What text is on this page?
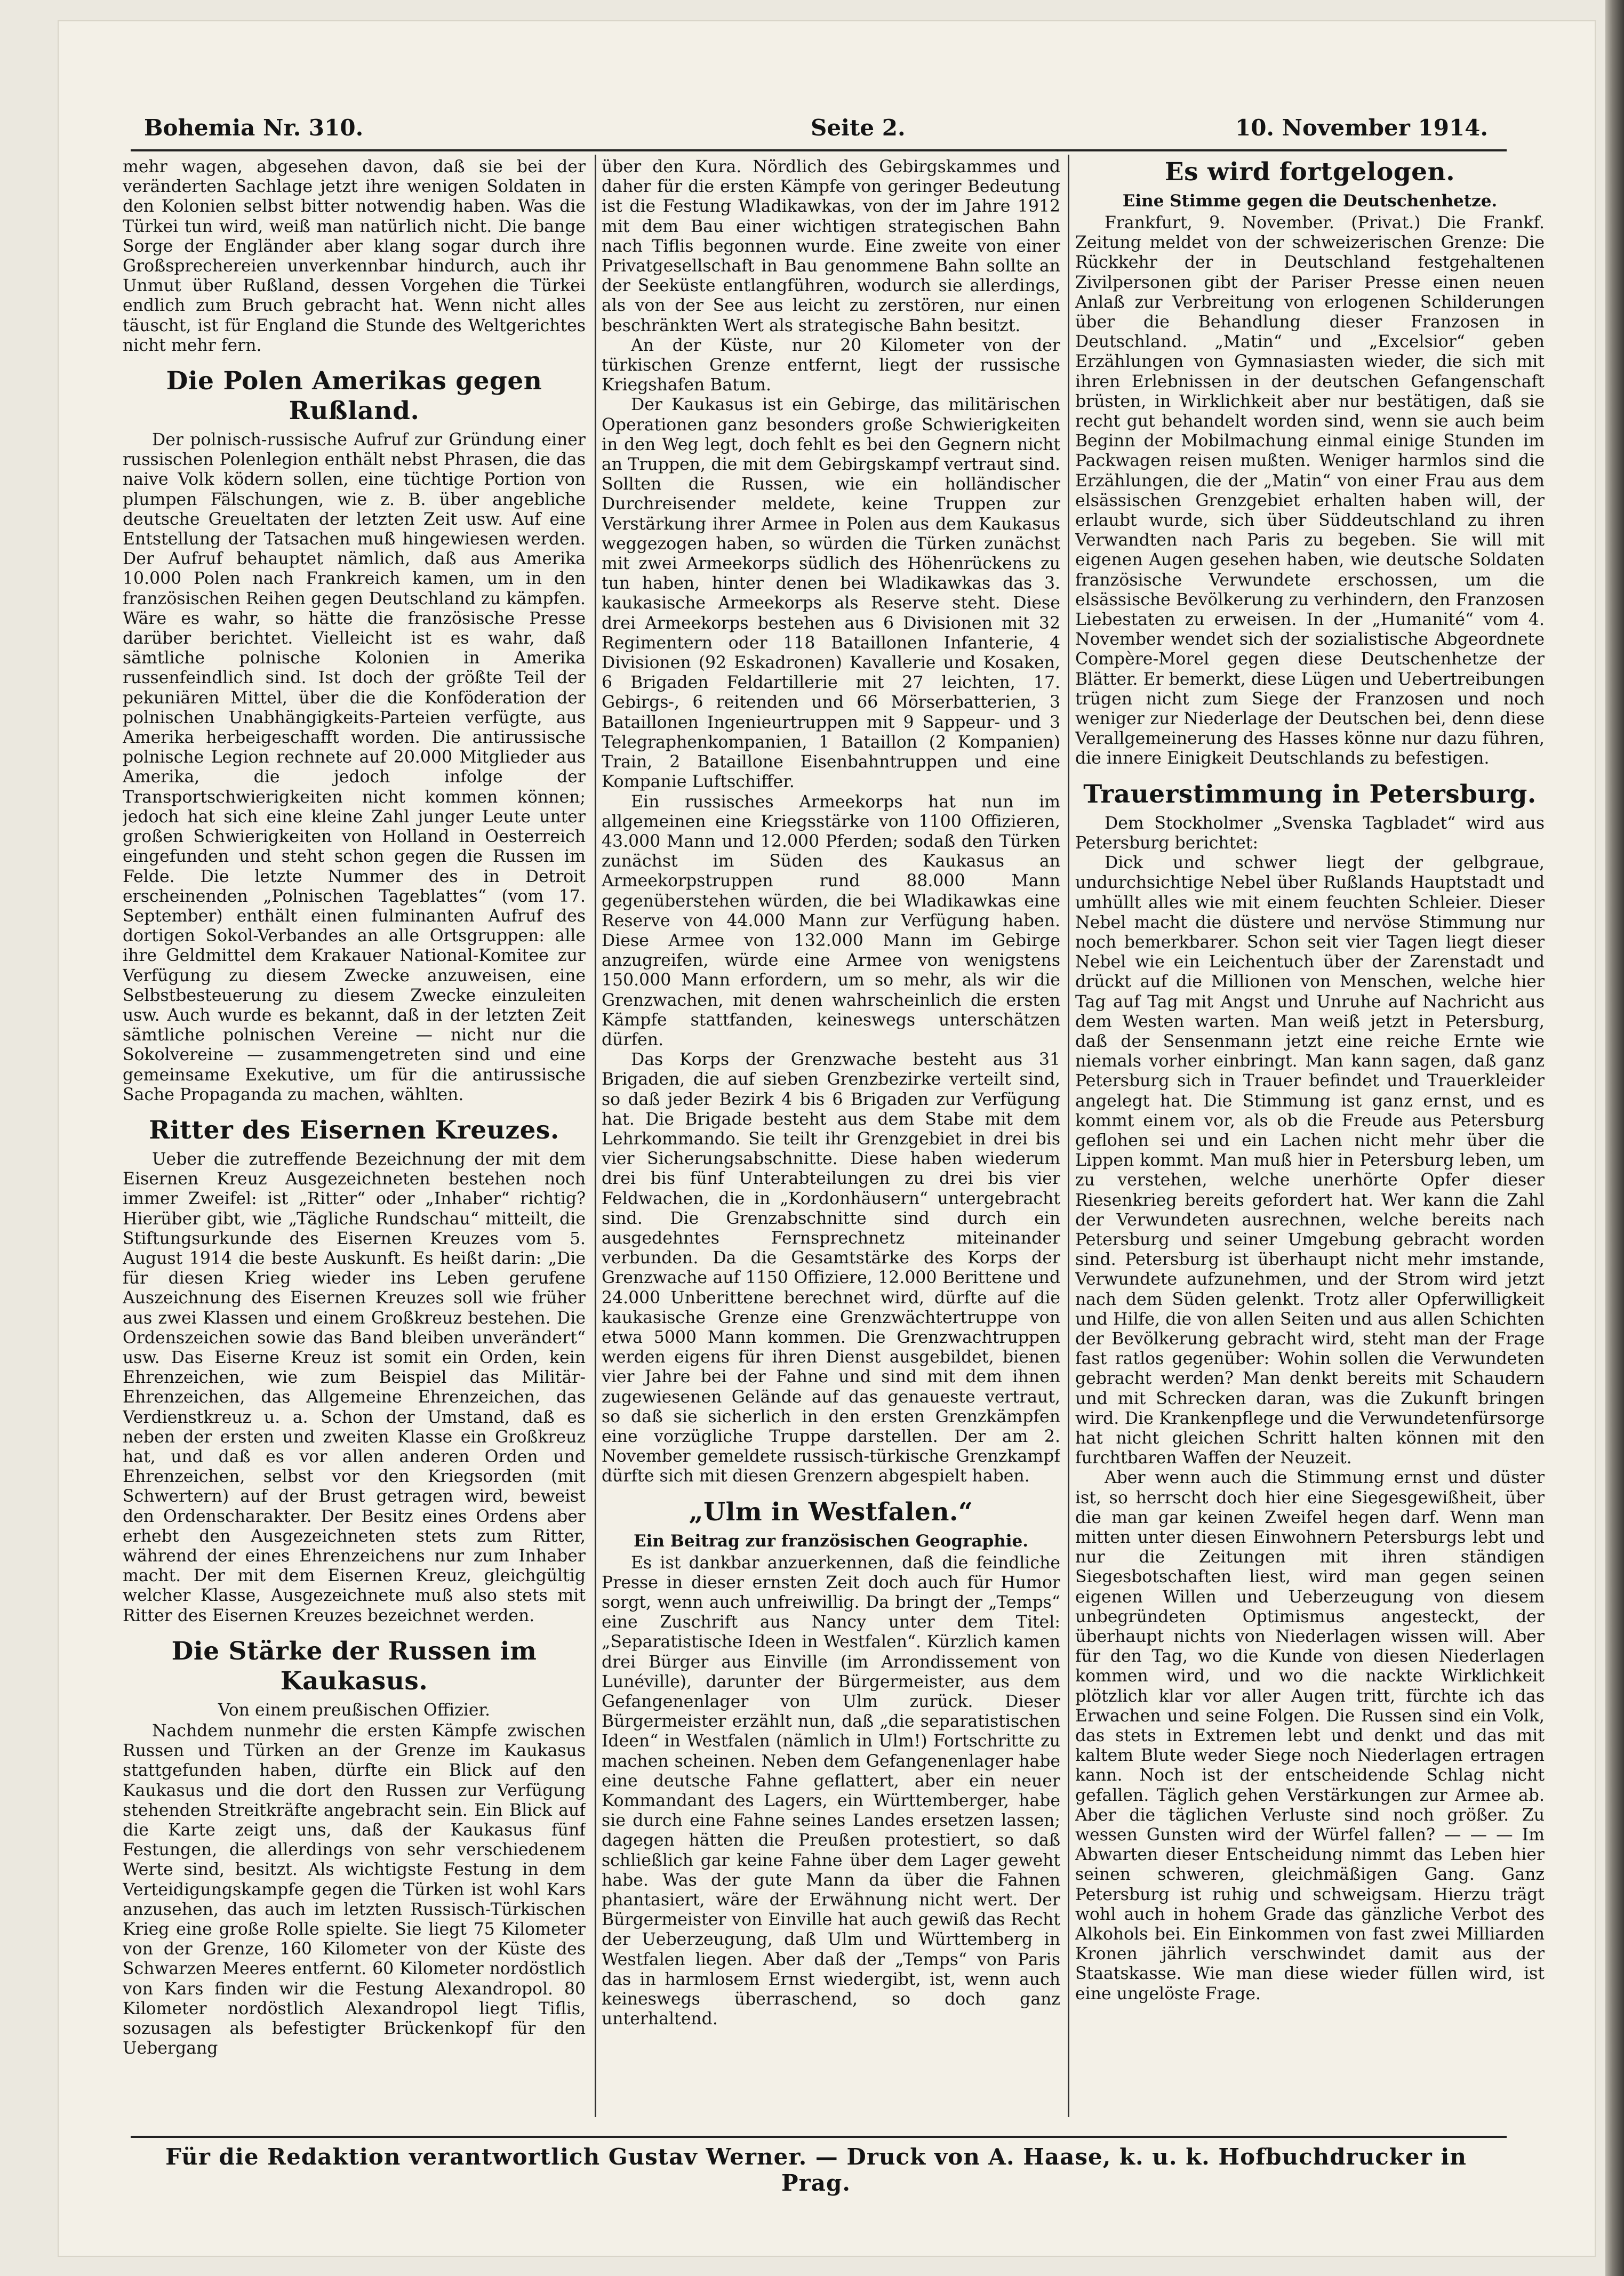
Bohemia Nr. 310.	Seite 2.	10. November 1914.

mehr wagen, abgesehen davon, daß sie bei der veränderten Sachlage jetzt ihre wenigen Soldaten in den Kolonien selbst bitter notwendig haben. Was die Türkei tun wird, weiß man natürlich nicht. Die bange Sorge der Engländer aber klang sogar durch ihre Großsprechereien unverkennbar hindurch, auch ihr Unmut über Rußland, dessen Vorgehen die Türkei endlich zum Bruch gebracht hat. Wenn nicht alles täuscht, ist für England die Stunde des Weltgerichtes nicht mehr fern.

Die Polen Amerikas gegen Rußland.

Der polnisch-russische Aufruf zur Gründung einer russischen Polenlegion enthält nebst Phrasen, die das naive Volk ködern sollen, eine tüchtige Portion von plumpen Fälschungen, wie z. B. über angebliche deutsche Greueltaten der letzten Zeit usw. Auf eine Entstellung der Tatsachen muß hingewiesen werden. Der Aufruf behauptet nämlich, daß aus Amerika 10.000 Polen nach Frankreich kamen, um in den französischen Reihen gegen Deutschland zu kämpfen. Wäre es wahr, so hätte die französische Presse darüber berichtet. Vielleicht ist es wahr, daß sämtliche polnische Kolonien in Amerika russenfeindlich sind. Ist doch der größte Teil der pekuniären Mittel, über die die Konföderation der polnischen Unabhängigkeits-Parteien verfügte, aus Amerika herbeigeschafft worden. Die antirussische polnische Legion rechnete auf 20.000 Mitglieder aus Amerika, die jedoch infolge der Transportschwierigkeiten nicht kommen können; jedoch hat sich eine kleine Zahl junger Leute unter großen Schwierigkeiten von Holland in Oesterreich eingefunden und steht schon gegen die Russen im Felde. Die letzte Nummer des in Detroit erscheinenden „Polnischen Tageblattes“ (vom 17. September) enthält einen fulminanten Aufruf des dortigen Sokol-Verbandes an alle Ortsgruppen: alle ihre Geldmittel dem Krakauer National-Komitee zur Verfügung zu diesem Zwecke anzuweisen, eine Selbstbesteuerung zu diesem Zwecke einzuleiten usw. Auch wurde es bekannt, daß in der letzten Zeit sämtliche polnischen Vereine — nicht nur die Sokolvereine — zusammengetreten sind und eine gemeinsame Exekutive, um für die antirussische Sache Propaganda zu machen, wählten.

Ritter des Eisernen Kreuzes.

Ueber die zutreffende Bezeichnung der mit dem Eisernen Kreuz Ausgezeichneten bestehen noch immer Zweifel: ist „Ritter“ oder „Inhaber“ richtig? Hierüber gibt, wie „Tägliche Rundschau“ mitteilt, die Stiftungsurkunde des Eisernen Kreuzes vom 5. August 1914 die beste Auskunft. Es heißt darin: „Die für diesen Krieg wieder ins Leben gerufene Auszeichnung des Eisernen Kreuzes soll wie früher aus zwei Klassen und einem Großkreuz bestehen. Die Ordenszeichen sowie das Band bleiben unverändert“ usw. Das Eiserne Kreuz ist somit ein Orden, kein Ehrenzeichen, wie zum Beispiel das Militär-Ehrenzeichen, das Allgemeine Ehrenzeichen, das Verdienstkreuz u. a. Schon der Umstand, daß es neben der ersten und zweiten Klasse ein Großkreuz hat, und daß es vor allen anderen Orden und Ehrenzeichen, selbst vor den Kriegsorden (mit Schwertern) auf der Brust getragen wird, beweist den Ordenscharakter. Der Besitz eines Ordens aber erhebt den Ausgezeichneten stets zum Ritter, während der eines Ehrenzeichens nur zum Inhaber macht. Der mit dem Eisernen Kreuz, gleichgültig welcher Klasse, Ausgezeichnete muß also stets mit Ritter des Eisernen Kreuzes bezeichnet werden.

Die Stärke der Russen im Kaukasus.

Von einem preußischen Offizier.

Nachdem nunmehr die ersten Kämpfe zwischen Russen und Türken an der Grenze im Kaukasus stattgefunden haben, dürfte ein Blick auf den Kaukasus und die dort den Russen zur Verfügung stehenden Streitkräfte angebracht sein. Ein Blick auf die Karte zeigt uns, daß der Kaukasus fünf Festungen, die allerdings von sehr verschiedenem Werte sind, besitzt. Als wichtigste Festung in dem Verteidigungskampfe gegen die Türken ist wohl Kars anzusehen, das auch im letzten Russisch-Türkischen Krieg eine große Rolle spielte. Sie liegt 75 Kilometer von der Grenze, 160 Kilometer von der Küste des Schwarzen Meeres entfernt. 60 Kilometer nordöstlich von Kars finden wir die Festung Alexandropol. 80 Kilometer nordöstlich Alexandropol liegt Tiflis, sozusagen als befestigter Brückenkopf für den Uebergang

über den Kura. Nördlich des Gebirgskammes und daher für die ersten Kämpfe von geringer Bedeutung ist die Festung Wladikawkas, von der im Jahre 1912 mit dem Bau einer wichtigen strategischen Bahn nach Tiflis begonnen wurde. Eine zweite von einer Privatgesellschaft in Bau genommene Bahn sollte an der Seeküste entlangführen, wodurch sie allerdings, als von der See aus leicht zu zerstören, nur einen beschränkten Wert als strategische Bahn besitzt.

An der Küste, nur 20 Kilometer von der türkischen Grenze entfernt, liegt der russische Kriegshafen Batum.

Der Kaukasus ist ein Gebirge, das militärischen Operationen ganz besonders große Schwierigkeiten in den Weg legt, doch fehlt es bei den Gegnern nicht an Truppen, die mit dem Gebirgskampf vertraut sind. Sollten die Russen, wie ein holländischer Durchreisender meldete, keine Truppen zur Verstärkung ihrer Armee in Polen aus dem Kaukasus weggezogen haben, so würden die Türken zunächst mit zwei Armeekorps südlich des Höhenrückens zu tun haben, hinter denen bei Wladikawkas das 3. kaukasische Armeekorps als Reserve steht. Diese drei Armeekorps bestehen aus 6 Divisionen mit 32 Regimentern oder 118 Bataillonen Infanterie, 4 Divisionen (92 Eskadronen) Kavallerie und Kosaken, 6 Brigaden Feldartillerie mit 27 leichten, 17. Gebirgs-, 6 reitenden und 66 Mörserbatterien, 3 Bataillonen Ingenieurtruppen mit 9 Sappeur- und 3 Telegraphenkompanien, 1 Bataillon (2 Kompanien) Train, 2 Bataillone Eisenbahntruppen und eine Kompanie Luftschiffer.

Ein russisches Armeekorps hat nun im allgemeinen eine Kriegsstärke von 1100 Offizieren, 43.000 Mann und 12.000 Pferden; sodaß den Türken zunächst im Süden des Kaukasus an Armeekorpstruppen rund 88.000 Mann gegenüberstehen würden, die bei Wladikawkas eine Reserve von 44.000 Mann zur Verfügung haben. Diese Armee von 132.000 Mann im Gebirge anzugreifen, würde eine Armee von wenigstens 150.000 Mann erfordern, um so mehr, als wir die Grenzwachen, mit denen wahrscheinlich die ersten Kämpfe stattfanden, keineswegs unterschätzen dürfen.

Das Korps der Grenzwache besteht aus 31 Brigaden, die auf sieben Grenzbezirke verteilt sind, so daß jeder Bezirk 4 bis 6 Brigaden zur Verfügung hat. Die Brigade besteht aus dem Stabe mit dem Lehrkommando. Sie teilt ihr Grenzgebiet in drei bis vier Sicherungsabschnitte. Diese haben wiederum drei bis fünf Unterabteilungen zu drei bis vier Feldwachen, die in „Kordonhäusern“ untergebracht sind. Die Grenzabschnitte sind durch ein ausgedehntes Fernsprechnetz miteinander verbunden. Da die Gesamtstärke des Korps der Grenzwache auf 1150 Offiziere, 12.000 Berittene und 24.000 Unberittene berechnet wird, dürfte auf die kaukasische Grenze eine Grenzwächtertruppe von etwa 5000 Mann kommen. Die Grenzwachtruppen werden eigens für ihren Dienst ausgebildet, bienen vier Jahre bei der Fahne und sind mit dem ihnen zugewiesenen Gelände auf das genaueste vertraut, so daß sie sicherlich in den ersten Grenzkämpfen eine vorzügliche Truppe darstellen. Der am 2. November gemeldete russisch-türkische Grenzkampf dürfte sich mit diesen Grenzern abgespielt haben.

„Ulm in Westfalen.“
Ein Beitrag zur französischen Geographie.

Es ist dankbar anzuerkennen, daß die feindliche Presse in dieser ernsten Zeit doch auch für Humor sorgt, wenn auch unfreiwillig. Da bringt der „Temps“ eine Zuschrift aus Nancy unter dem Titel: „Separatistische Ideen in Westfalen“. Kürzlich kamen drei Bürger aus Einville (im Arrondissement von Lunéville), darunter der Bürgermeister, aus dem Gefangenenlager von Ulm zurück. Dieser Bürgermeister erzählt nun, daß „die separatistischen Ideen“ in Westfalen (nämlich in Ulm!) Fortschritte zu machen scheinen. Neben dem Gefangenenlager habe eine deutsche Fahne geflattert, aber ein neuer Kommandant des Lagers, ein Württemberger, habe sie durch eine Fahne seines Landes ersetzen lassen; dagegen hätten die Preußen protestiert, so daß schließlich gar keine Fahne über dem Lager geweht habe. Was der gute Mann da über die Fahnen phantasiert, wäre der Erwähnung nicht wert. Der Bürgermeister von Einville hat auch gewiß das Recht der Ueberzeugung, daß Ulm und Württemberg in Westfalen liegen. Aber daß der „Temps“ von Paris das in harmlosem Ernst wiedergibt, ist, wenn auch keineswegs überraschend, so doch ganz unterhaltend.

Es wird fortgelogen.
Eine Stimme gegen die Deutschenhetze.

Frankfurt, 9. November. (Privat.) Die Frankf. Zeitung meldet von der schweizerischen Grenze: Die Rückkehr der in Deutschland festgehaltenen Zivilpersonen gibt der Pariser Presse einen neuen Anlaß zur Verbreitung von erlogenen Schilderungen über die Behandlung dieser Franzosen in Deutschland. „Matin“ und „Excelsior“ geben Erzählungen von Gymnasiasten wieder, die sich mit ihren Erlebnissen in der deutschen Gefangenschaft brüsten, in Wirklichkeit aber nur bestätigen, daß sie recht gut behandelt worden sind, wenn sie auch beim Beginn der Mobilmachung einmal einige Stunden im Packwagen reisen mußten. Weniger harmlos sind die Erzählungen, die der „Matin“ von einer Frau aus dem elsässischen Grenzgebiet erhalten haben will, der erlaubt wurde, sich über Süddeutschland zu ihren Verwandten nach Paris zu begeben. Sie will mit eigenen Augen gesehen haben, wie deutsche Soldaten französische Verwundete erschossen, um die elsässische Bevölkerung zu verhindern, den Franzosen Liebestaten zu erweisen. In der „Humanité“ vom 4. November wendet sich der sozialistische Abgeordnete Compère-Morel gegen diese Deutschenhetze der Blätter. Er bemerkt, diese Lügen und Uebertreibungen trügen nicht zum Siege der Franzosen und noch weniger zur Niederlage der Deutschen bei, denn diese Verallgemeinerung des Hasses könne nur dazu führen, die innere Einigkeit Deutschlands zu befestigen.

Trauerstimmung in Petersburg.

Dem Stockholmer „Svenska Tagbladet“ wird aus Petersburg berichtet:

Dick und schwer liegt der gelbgraue, undurchsichtige Nebel über Rußlands Hauptstadt und umhüllt alles wie mit einem feuchten Schleier. Dieser Nebel macht die düstere und nervöse Stimmung nur noch bemerkbarer. Schon seit vier Tagen liegt dieser Nebel wie ein Leichentuch über der Zarenstadt und drückt auf die Millionen von Menschen, welche hier Tag auf Tag mit Angst und Unruhe auf Nachricht aus dem Westen warten. Man weiß jetzt in Petersburg, daß der Sensenmann jetzt eine reiche Ernte wie niemals vorher einbringt. Man kann sagen, daß ganz Petersburg sich in Trauer befindet und Trauerkleider angelegt hat. Die Stimmung ist ganz ernst, und es kommt einem vor, als ob die Freude aus Petersburg geflohen sei und ein Lachen nicht mehr über die Lippen kommt. Man muß hier in Petersburg leben, um zu verstehen, welche unerhörte Opfer dieser Riesenkrieg bereits gefordert hat. Wer kann die Zahl der Verwundeten ausrechnen, welche bereits nach Petersburg und seiner Umgebung gebracht worden sind. Petersburg ist überhaupt nicht mehr imstande, Verwundete aufzunehmen, und der Strom wird jetzt nach dem Süden gelenkt. Trotz aller Opferwilligkeit und Hilfe, die von allen Seiten und aus allen Schichten der Bevölkerung gebracht wird, steht man der Frage fast ratlos gegenüber: Wohin sollen die Verwundeten gebracht werden? Man denkt bereits mit Schaudern und mit Schrecken daran, was die Zukunft bringen wird. Die Krankenpflege und die Verwundetenfürsorge hat nicht gleichen Schritt halten können mit den furchtbaren Waffen der Neuzeit.

Aber wenn auch die Stimmung ernst und düster ist, so herrscht doch hier eine Siegesgewißheit, über die man gar keinen Zweifel hegen darf. Wenn man mitten unter diesen Einwohnern Petersburgs lebt und nur die Zeitungen mit ihren ständigen Siegesbotschaften liest, wird man gegen seinen eigenen Willen und Ueberzeugung von diesem unbegründeten Optimismus angesteckt, der überhaupt nichts von Niederlagen wissen will. Aber für den Tag, wo die Kunde von diesen Niederlagen kommen wird, und wo die nackte Wirklichkeit plötzlich klar vor aller Augen tritt, fürchte ich das Erwachen und seine Folgen. Die Russen sind ein Volk, das stets in Extremen lebt und denkt und das mit kaltem Blute weder Siege noch Niederlagen ertragen kann. Noch ist der entscheidende Schlag nicht gefallen. Täglich gehen Verstärkungen zur Armee ab. Aber die täglichen Verluste sind noch größer. Zu wessen Gunsten wird der Würfel fallen? — — — Im Abwarten dieser Entscheidung nimmt das Leben hier seinen schweren, gleichmäßigen Gang. Ganz Petersburg ist ruhig und schweigsam. Hierzu trägt wohl auch in hohem Grade das gänzliche Verbot des Alkohols bei. Ein Einkommen von fast zwei Milliarden Kronen jährlich verschwindet damit aus der Staatskasse. Wie man diese wieder füllen wird, ist eine ungelöste Frage.

Für die Redaktion verantwortlich Gustav Werner. — Druck von A. Haase, k. u. k. Hofbuchdrucker in Prag.
